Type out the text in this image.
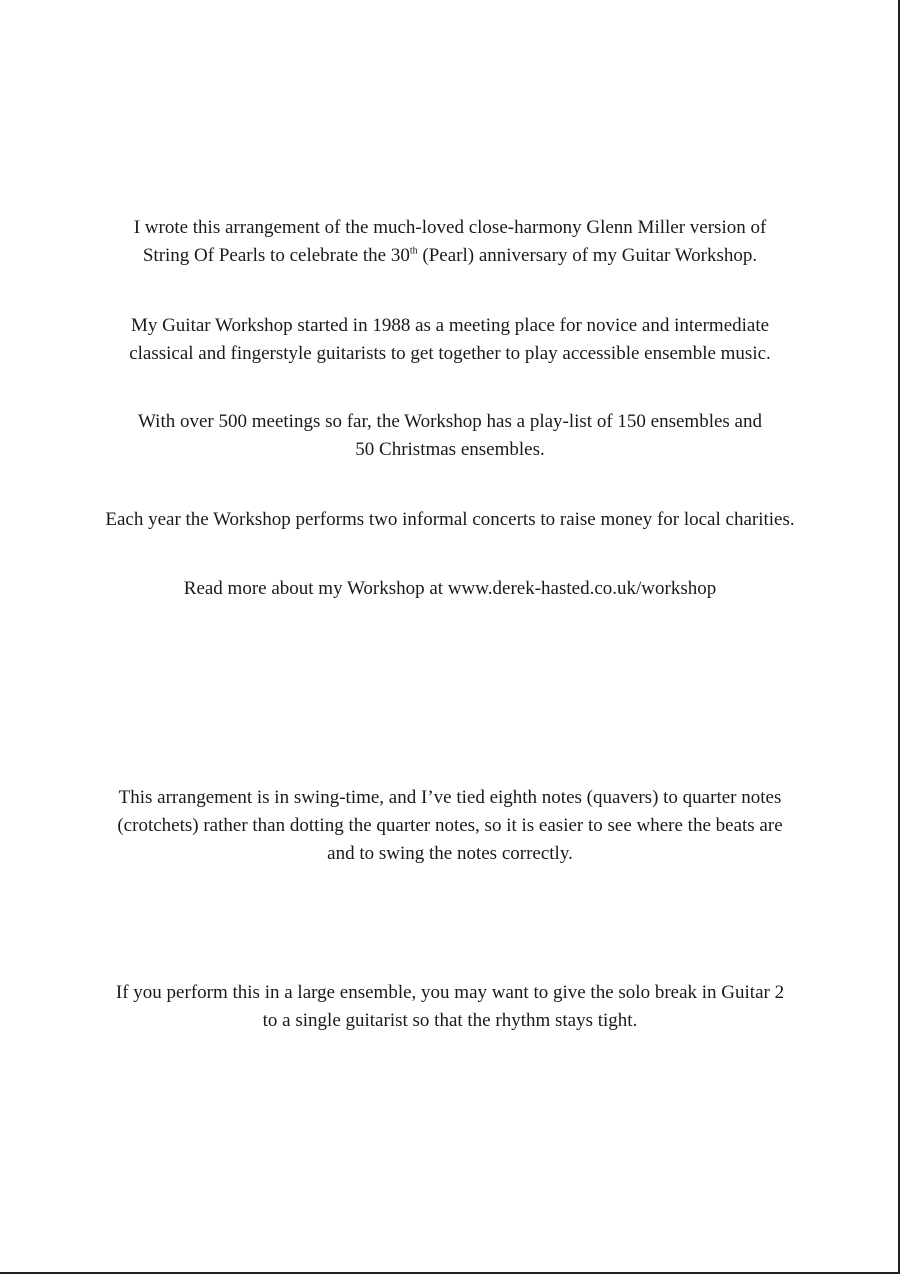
I wrote this arrangement of the much-loved close-harmony Glenn Miller version of
String Of Pearls to celebrate the 30th (Pearl) anniversary of my Guitar Workshop.

My Guitar Workshop started in 1988 as a meeting place for novice and intermediate
classical and fingerstyle guitarists to get together to play accessible ensemble music.

With over 500 meetings so far, the Workshop has a play-list of 150 ensembles and
50 Christmas ensembles.

Each year the Workshop performs two informal concerts to raise money for local charities.

Read more about my Workshop at www.derek-hasted.co.uk/workshop

This arrangement is in swing-time, and I’ve tied eighth notes (quavers) to quarter notes
(crotchets) rather than dotting the quarter notes, so it is easier to see where the beats are
and to swing the notes correctly.

If you perform this in a large ensemble, you may want to give the solo break in Guitar 2
to a single guitarist so that the rhythm stays tight.
